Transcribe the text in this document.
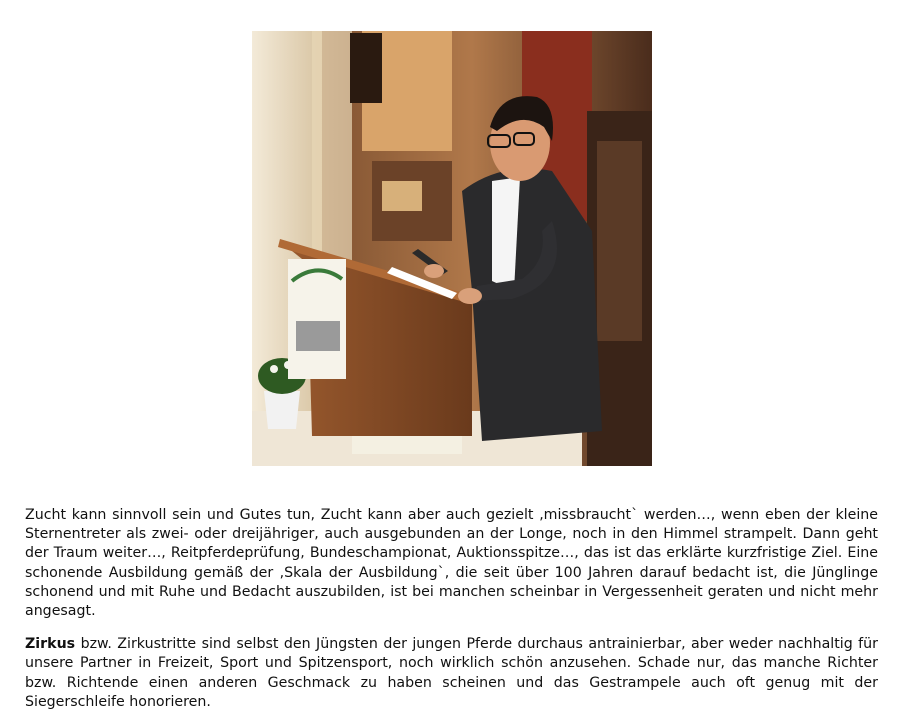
Zucht kann sinnvoll sein und Gutes tun, Zucht kann aber auch gezielt ‚missbraucht` werden…, wenn eben der kleine Sternentreter als zwei- oder dreijähriger, auch ausgebunden an der Longe, noch in den Himmel strampelt. Dann geht der Traum weiter…, Reitpferdeprüfung, Bundeschampionat, Auktionsspitze…, das ist das erklärte kurzfristige Ziel. Eine schonende Ausbildung gemäß der ‚Skala der Ausbildung`, die seit über 100 Jahren darauf bedacht ist, die Jünglinge schonend und mit Ruhe und Bedacht auszubilden, ist bei manchen scheinbar in Vergessenheit geraten und nicht mehr angesagt.

Zirkus bzw. Zirkustritte sind selbst den Jüngsten der jungen Pferde durchaus antrainierbar, aber weder nachhaltig für unsere Partner in Freizeit, Sport und Spitzensport, noch wirklich schön anzusehen. Schade nur, das manche Richter bzw. Richtende einen anderen Geschmack zu haben scheinen und das Gestrampele auch oft genug mit der Siegerschleife honorieren.
